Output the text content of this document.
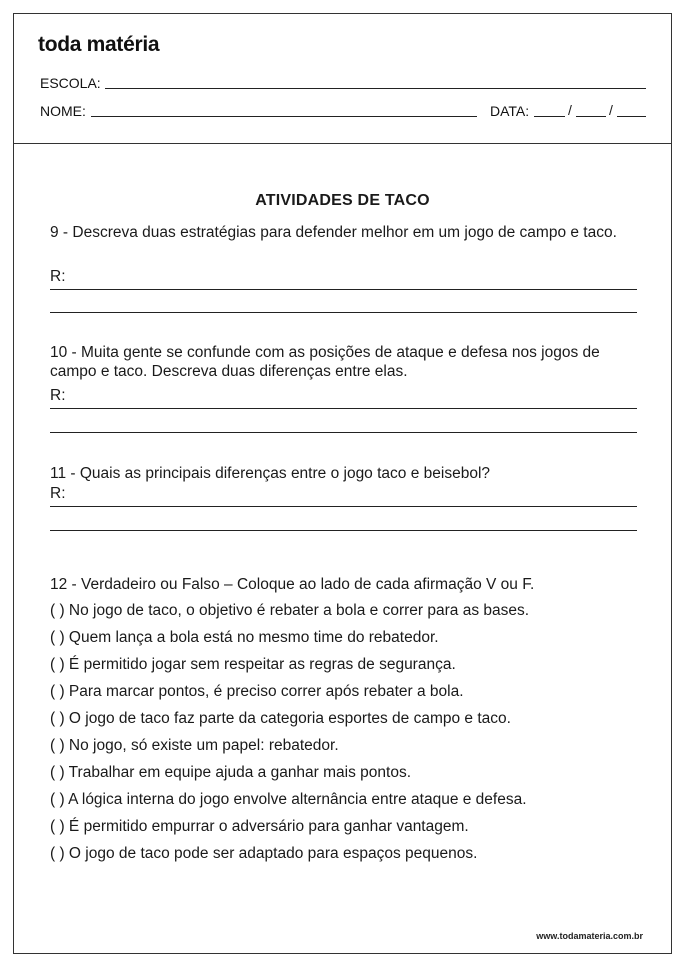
toda matéria
ESCOLA:
NOME:	DATA:	/	/
ATIVIDADES DE TACO
9 - Descreva duas estratégias para defender melhor em um jogo de campo e taco.
R:
10 - Muita gente se confunde com as posições de ataque e defesa nos jogos de campo e taco. Descreva duas diferenças entre elas.
R:
11 - Quais as principais diferenças entre o jogo taco e beisebol?
R:
12 - Verdadeiro ou Falso – Coloque ao lado de cada afirmação V ou F.
( ) No jogo de taco, o objetivo é rebater a bola e correr para as bases.
( ) Quem lança a bola está no mesmo time do rebatedor.
( ) É permitido jogar sem respeitar as regras de segurança.
( ) Para marcar pontos, é preciso correr após rebater a bola.
( ) O jogo de taco faz parte da categoria esportes de campo e taco.
( ) No jogo, só existe um papel: rebatedor.
( ) Trabalhar em equipe ajuda a ganhar mais pontos.
( ) A lógica interna do jogo envolve alternância entre ataque e defesa.
( ) É permitido empurrar o adversário para ganhar vantagem.
( ) O jogo de taco pode ser adaptado para espaços pequenos.
www.todamateria.com.br
